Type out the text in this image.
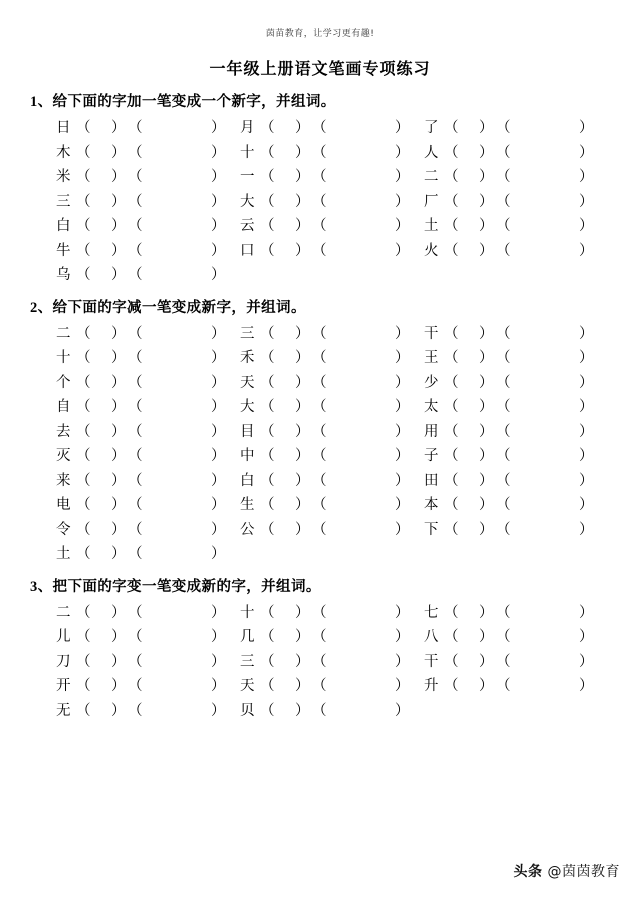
茵苗教育，让学习更有趣!
一年级上册语文笔画专项练习
1、给下面的字加一笔变成一个新字，并组词。
日 （ ） （	） 月 （ ） （	） 了 （ ） （	）
木 （ ） （	） 十 （ ） （	） 人 （ ） （	）
米 （ ） （	） 一 （ ） （	） 二 （ ） （	）
三 （ ） （	） 大 （ ） （	） 厂 （ ） （	）
白 （ ） （	） 云 （ ） （	） 土 （ ） （	）
牛 （ ） （	） 口 （ ） （	） 火 （ ） （	）
乌 （ ） （	）
2、给下面的字减一笔变成新字，并组词。
二 （ ） （	） 三 （ ） （	） 干 （ ） （	）
十 （ ） （	） 禾 （ ） （	） 王 （ ） （	）
个 （ ） （	） 天 （ ） （	） 少 （ ） （	）
自 （ ） （	） 大 （ ） （	） 太 （ ） （	）
去 （ ） （	） 目 （ ） （	） 用 （ ） （	）
灭 （ ） （	） 中 （ ） （	） 子 （ ） （	）
来 （ ） （	） 白 （ ） （	） 田 （ ） （	）
电 （ ） （	） 生 （ ） （	） 本 （ ） （	）
令 （ ） （	） 公 （ ） （	） 下 （ ） （	）
土 （ ） （	）
3、把下面的字变一笔变成新的字，并组词。
二 （ ） （	） 十 （ ） （	） 七 （ ） （	）
儿 （ ） （	） 几 （ ） （	） 八 （ ） （	）
刀 （ ） （	） 三 （ ） （	） 干 （ ） （	）
开 （ ） （	） 天 （ ） （	） 升 （ ） （	）
无 （ ） （	） 贝 （ ） （	）
头条 @茵茵教育
